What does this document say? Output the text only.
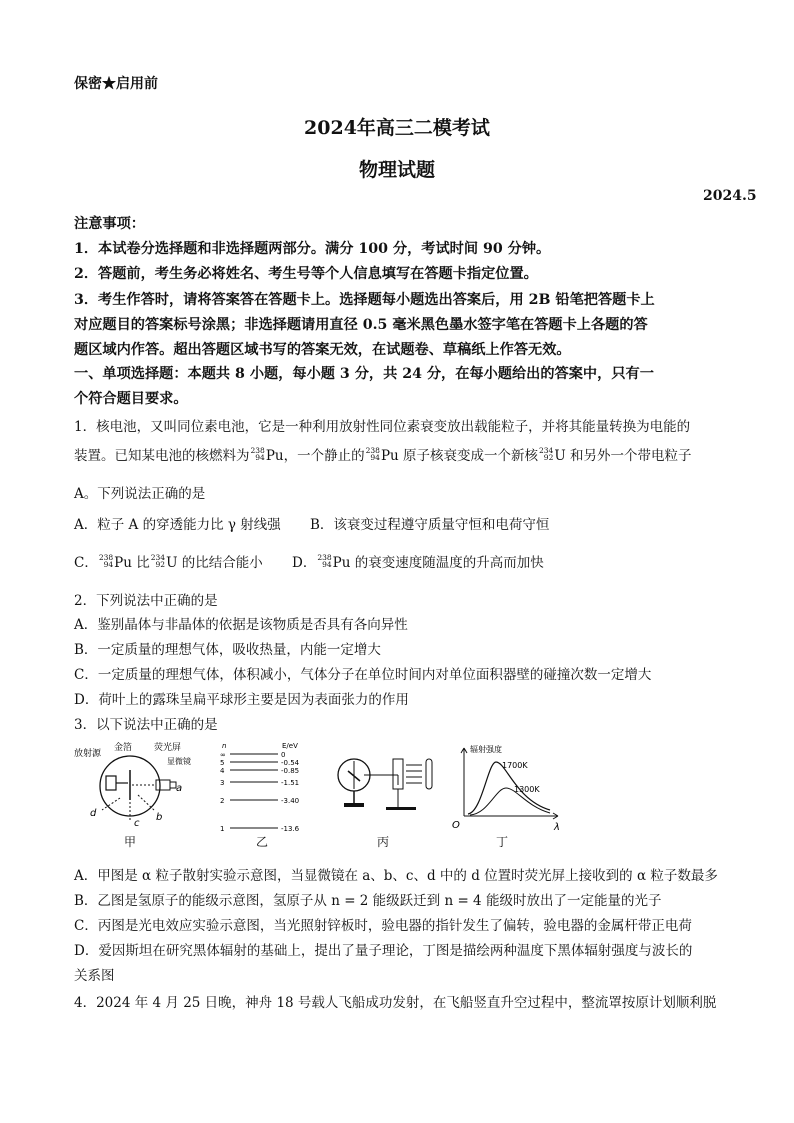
保密★启用前
2024年高三二模考试
物理试题
2024.5
注意事项：
1．本试卷分选择题和非选择题两部分。满分 100 分，考试时间 90 分钟。
2．答题前，考生务必将姓名、考生号等个人信息填写在答题卡指定位置。
3．考生作答时，请将答案答在答题卡上。选择题每小题选出答案后，用 2B 铅笔把答题卡上
对应题目的答案标号涂黑；非选择题请用直径 0.5 毫米黑色墨水签字笔在答题卡上各题的答
题区域内作答。超出答题区域书写的答案无效，在试题卷、草稿纸上作答无效。
一、单项选择题：本题共 8 小题，每小题 3 分，共 24 分，在每小题给出的答案中，只有一
个符合题目要求。
1．核电池，又叫同位素电池，它是一种利用放射性同位素衰变放出载能粒子，并将其能量转换为电能的
装置。已知某电池的核燃料为 238
94 Pu，一个静止的 238
94 Pu 原子核衰变成一个新核 234
92 U 和另外一个带电粒子
A。下列说法正确的是
A．粒子 A 的穿透能力比 γ 射线强 B．该衰变过程遵守质量守恒和电荷守恒
C． 238
94 Pu 比 234
92 U 的比结合能小 D． 238
94 Pu 的衰变速度随温度的升高而加快
2．下列说法中正确的是
A．鉴别晶体与非晶体的依据是该物质是否具有各向异性
B．一定质量的理想气体，吸收热量，内能一定增大
C．一定质量的理想气体，体积减小，气体分子在单位时间内对单位面积器壁的碰撞次数一定增大
D．荷叶上的露珠呈扁平球形主要是因为表面张力的作用
3．以下说法中正确的是
放射源
金箔 荧光屏
显微镜
a
b
c
d
甲
n	E/eV
∞	0
5	-0.54
4	-0.85
3	-1.51
2	-3.40
1	-13.6
乙	丙
辐射强度
1700K
1300K
O	λ
丁
A．甲图是 α 粒子散射实验示意图，当显微镜在 a、b、c、d 中的 d 位置时荧光屏上接收到的 α 粒子数最多
B．乙图是氢原子的能级示意图，氢原子从 n = 2 能级跃迁到 n = 4 能级时放出了一定能量的光子
C．丙图是光电效应实验示意图，当光照射锌板时，验电器的指针发生了偏转，验电器的金属杆带正电荷
D．爱因斯坦在研究黑体辐射的基础上，提出了量子理论，丁图是描绘两种温度下黑体辐射强度与波长的
关系图
4．2024 年 4 月 25 日晚，神舟 18 号载人飞船成功发射，在飞船竖直升空过程中，整流罩按原计划顺利脱
